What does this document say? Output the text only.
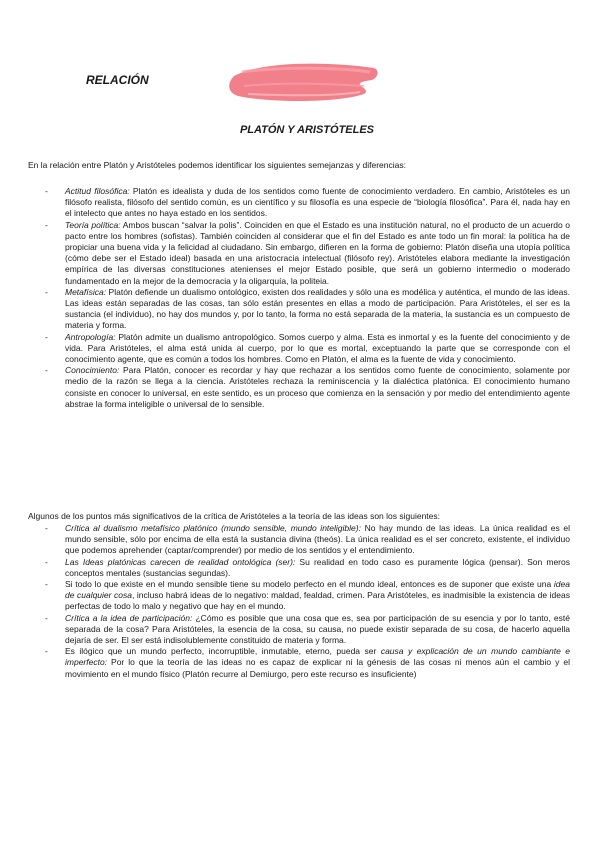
RELACIÓN
PLATÓN Y ARISTÓTELES
En la relación entre Platón y Aristóteles podemos identificar los siguientes semejanzas y diferencias:
- Actitud filosófica: Platón es idealista y duda de los sentidos como fuente de conocimiento verdadero. En cambio, Aristóteles es un filósofo realista, filósofo del sentido común, es un científico y su filosofía es una especie de “biología filosófica”. Para él, nada hay en el intelecto que antes no haya estado en los sentidos.
- Teoría política: Ambos buscan “salvar la polis”. Coinciden en que el Estado es una institución natural, no el producto de un acuerdo o pacto entre los hombres (sofistas). También coinciden al considerar que el fin del Estado es ante todo un fin moral: la política ha de propiciar una buena vida y la felicidad al ciudadano. Sin embargo, difieren en la forma de gobierno: Platón diseña una utopía política (cómo debe ser el Estado ideal) basada en una aristocracia intelectual (filósofo rey). Aristóteles elabora mediante la investigación empírica de las diversas constituciones atenienses el mejor Estado posible, que será un gobierno intermedio o moderado fundamentado en la mejor de la democracia y la oligarquía, la politeia.
- Metafísica: Platón defiende un dualismo ontológico, existen dos realidades y sólo una es modélica y auténtica, el mundo de las ideas. Las ideas están separadas de las cosas, tan sólo están presentes en ellas a modo de participación. Para Aristóteles, el ser es la sustancia (el individuo), no hay dos mundos y, por lo tanto, la forma no está separada de la materia, la sustancia es un compuesto de materia y forma.
- Antropología: Platón admite un dualismo antropológico. Somos cuerpo y alma. Esta es inmortal y es la fuente del conocimiento y de vida. Para Aristóteles, el alma está unida al cuerpo, por lo que es mortal, exceptuando la parte que se corresponde con el conocimiento agente, que es común a todos los hombres. Como en Platón, el alma es la fuente de vida y conocimiento.
- Conocimiento: Para Platón, conocer es recordar y hay que rechazar a los sentidos como fuente de conocimiento, solamente por medio de la razón se llega a la ciencia. Aristóteles rechaza la reminiscencia y la dialéctica platónica. El conocimiento humano consiste en conocer lo universal, en este sentido, es un proceso que comienza en la sensación y por medio del entendimiento agente abstrae la forma inteligible o universal de lo sensible.
Algunos de los puntos más significativos de la crítica de Aristóteles a la teoría de las ideas son los siguientes:
- Crítica al dualismo metafísico platónico (mundo sensible, mundo inteligible): No hay mundo de las ideas. La única realidad es el mundo sensible, sólo por encima de ella está la sustancia divina (theós). La única realidad es el ser concreto, existente, el individuo que podemos aprehender (captar/comprender) por medio de los sentidos y el entendimiento.
- Las Ideas platónicas carecen de realidad ontológica (ser): Su realidad en todo caso es puramente lógica (pensar). Son meros conceptos mentales (sustancias segundas).
- Si todo lo que existe en el mundo sensible tiene su modelo perfecto en el mundo ideal, entonces es de suponer que existe una idea de cualquier cosa, incluso habrá ideas de lo negativo: maldad, fealdad, crimen. Para Aristóteles, es inadmisible la existencia de ideas perfectas de todo lo malo y negativo que hay en el mundo.
- Crítica a la idea de participación: ¿Cómo es posible que una cosa que es, sea por participación de su esencia y por lo tanto, esté separada de la cosa? Para Aristóteles, la esencia de la cosa, su causa, no puede existir separada de su cosa, de hacerlo aquella dejaría de ser. El ser está indisolublemente constituido de materia y forma.
- Es ilógico que un mundo perfecto, incorruptible, inmutable, eterno, pueda ser causa y explicación de un mundo cambiante e imperfecto: Por lo que la teoría de las ideas no es capaz de explicar ni la génesis de las cosas ni menos aún el cambio y el movimiento en el mundo físico (Platón recurre al Demiurgo, pero este recurso es insuficiente)
